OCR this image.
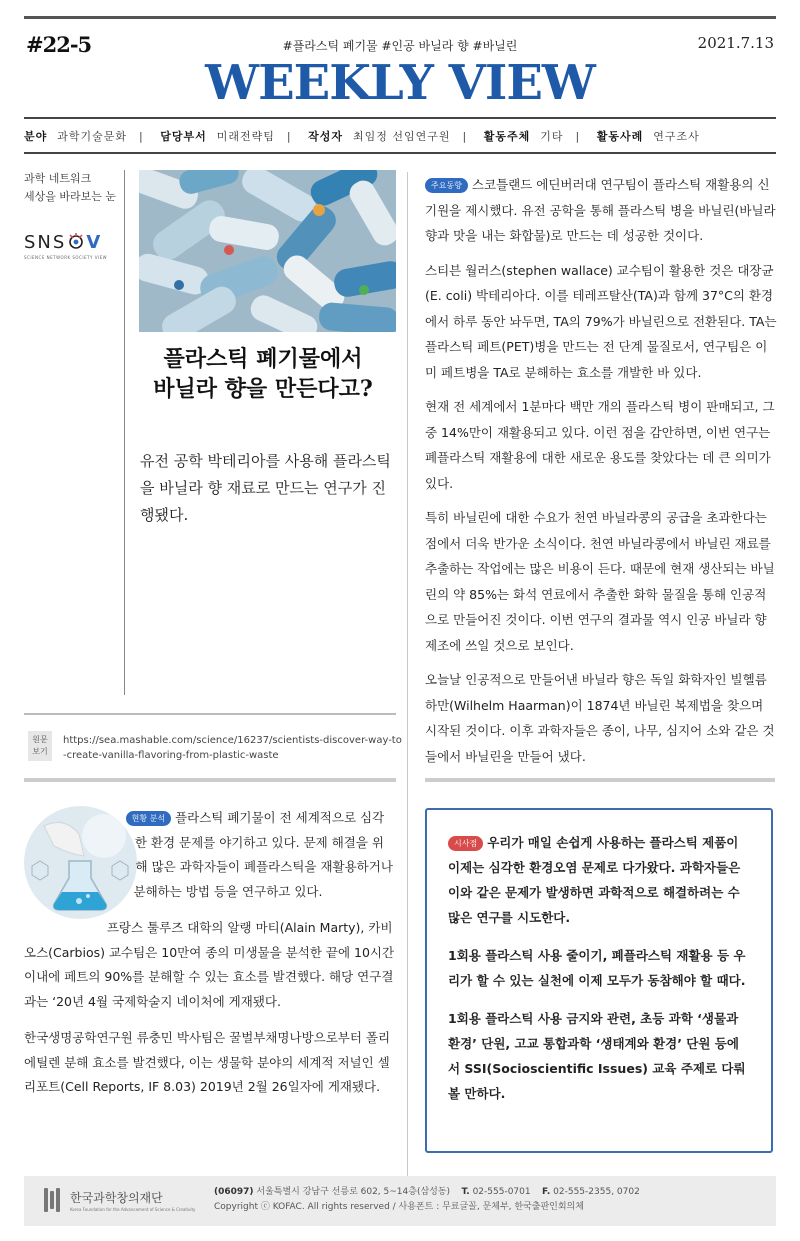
#22-5	#플라스틱 폐기물 #인공 바닐라 향 #바닐린	2021.7.13
WEEKLY VIEW
분야 과학기술문화 | 담당부서 미래전략팀 | 작성자 최임정 선임연구원 | 활동주체 기타 | 활동사례 연구조사
과학 네트워크
세상을 바라보는 눈
SNS V
SCIENCE NETWORK SOCIETY VIEW
플라스틱 폐기물에서
바닐라 향을 만든다고?
유전 공학 박테리아를 사용해 플라스틱을 바닐라 향 재료로 만드는 연구가 진행됐다.
원문
보기
https://sea.mashable.com/science/16237/scientists-discover-way-to-create-vanilla-flavoring-from-plastic-waste

주요동향 스코틀랜드 에딘버러대 연구팀이 플라스틱 재활용의 신기원을 제시했다. 유전 공학을 통해 플라스틱 병을 바닐린(바닐라 향과 맛을 내는 화합물)로 만드는 데 성공한 것이다.

스티븐 월러스(stephen wallace) 교수팀이 활용한 것은 대장균(E. coli) 박테리아다. 이를 테레프탈산(TA)과 함께 37°C의 환경에서 하루 동안 놔두면, TA의 79%가 바닐린으로 전환된다. TA는 플라스틱 페트(PET)병을 만드는 전 단계 물질로서, 연구팀은 이미 페트병을 TA로 분해하는 효소를 개발한 바 있다.

현재 전 세계에서 1분마다 백만 개의 플라스틱 병이 판매되고, 그 중 14%만이 재활용되고 있다. 이런 점을 감안하면, 이번 연구는 폐플라스틱 재활용에 대한 새로운 용도를 찾았다는 데 큰 의미가 있다.

특히 바닐린에 대한 수요가 천연 바닐라콩의 공급을 초과한다는 점에서 더욱 반가운 소식이다. 천연 바닐라콩에서 바닐린 재료를 추출하는 작업에는 많은 비용이 든다. 때문에 현재 생산되는 바닐린의 약 85%는 화석 연료에서 추출한 화학 물질을 통해 인공적으로 만들어진 것이다. 이번 연구의 결과물 역시 인공 바닐라 향 제조에 쓰일 것으로 보인다.

오늘날 인공적으로 만들어낸 바닐라 향은 독일 화학자인 빌헬름 하만(Wilhelm Haarman)이 1874년 바닐린 복제법을 찾으며 시작된 것이다. 이후 과학자들은 종이, 나무, 심지어 소와 같은 것들에서 바닐린을 만들어 냈다.

현황 분석 플라스틱 폐기물이 전 세계적으로 심각한 환경 문제를 야기하고 있다. 문제 해결을 위해 많은 과학자들이 폐플라스틱을 재활용하거나 분해하는 방법 등을 연구하고 있다.

프랑스 툴루즈 대학의 알랭 마티(Alain Marty), 카비오스(Carbios) 교수팀은 10만여 종의 미생물을 분석한 끝에 10시간 이내에 페트의 90%를 분해할 수 있는 효소를 발견했다. 해당 연구결과는 ‘20년 4월 국제학술지 네이처에 게재됐다.

한국생명공학연구원 류충민 박사팀은 꿀벌부채명나방으로부터 폴리에틸렌 분해 효소를 발견했다, 이는 생물학 분야의 세계적 저널인 셀 리포트(Cell Reports, IF 8.03) 2019년 2월 26일자에 게재됐다.

시사점 우리가 매일 손쉽게 사용하는 플라스틱 제품이 이제는 심각한 환경오염 문제로 다가왔다. 과학자들은 이와 같은 문제가 발생하면 과학적으로 해결하려는 수많은 연구를 시도한다.

1회용 플라스틱 사용 줄이기, 폐플라스틱 재활용 등 우리가 할 수 있는 실천에 이제 모두가 동참해야 할 때다.

1회용 플라스틱 사용 금지와 관련, 초등 과학 ‘생물과 환경’ 단원, 고교 통합과학 ‘생태계와 환경’ 단원 등에서 SSI(Socioscientific Issues) 교육 주제로 다뤄볼 만하다.

한국과학창의재단
Korea Foundation for the Advancement of Science & Creativity
(06097) 서울특별시 강남구 선릉로 602, 5~14층(삼성동) T. 02-555-0701 F. 02-555-2355, 0702
Copyright ⓒ KOFAC. All rights reserved / 사용폰트 : 무료글꼴, 문체부, 한국출판인회의체
